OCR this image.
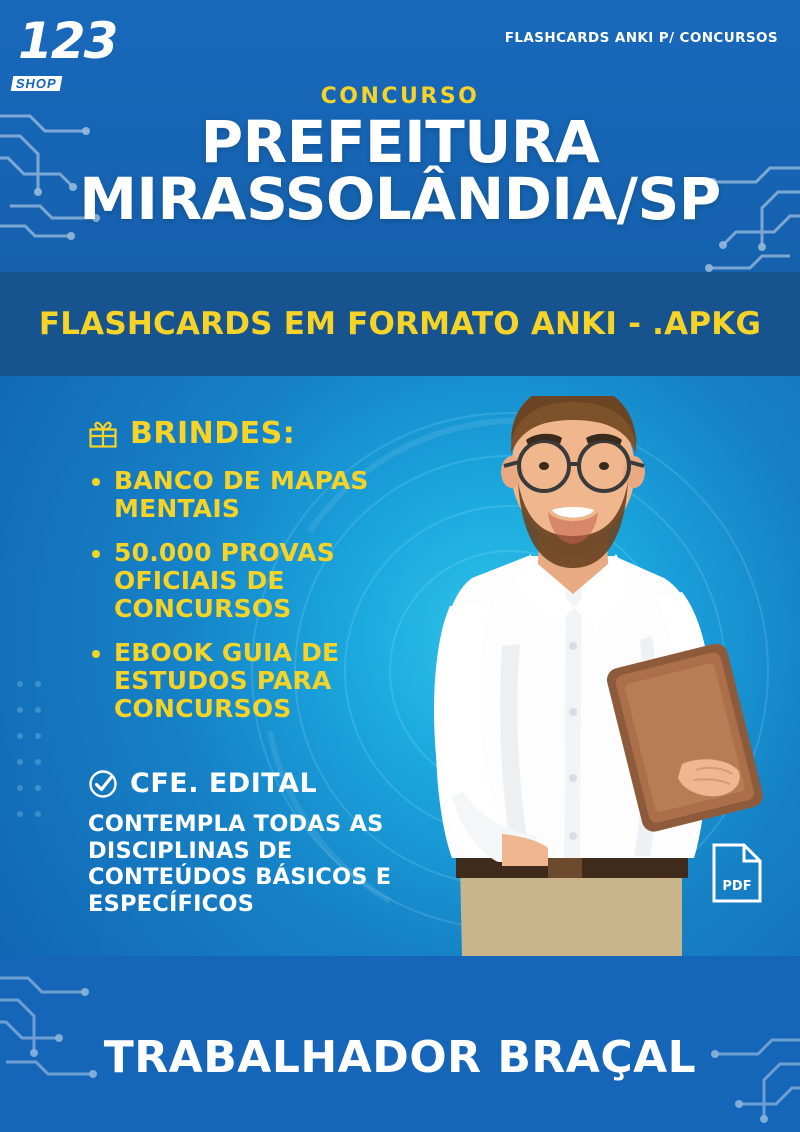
123SHOP
FLASHCARDS ANKI P/ CONCURSOS
CONCURSO
PREFEITURA
MIRASSOLÂNDIA/SP
FLASHCARDS EM FORMATO ANKI - .APKG
BRINDES:
BANCO DE MAPAS MENTAIS
50.000 PROVAS OFICIAIS DE CONCURSOS
EBOOK GUIA DE ESTUDOS PARA CONCURSOS
CFE. EDITAL
CONTEMPLA TODAS AS DISCIPLINAS DE CONTEÚDOS BÁSICOS E ESPECÍFICOS
PDF
TRABALHADOR BRAÇAL
